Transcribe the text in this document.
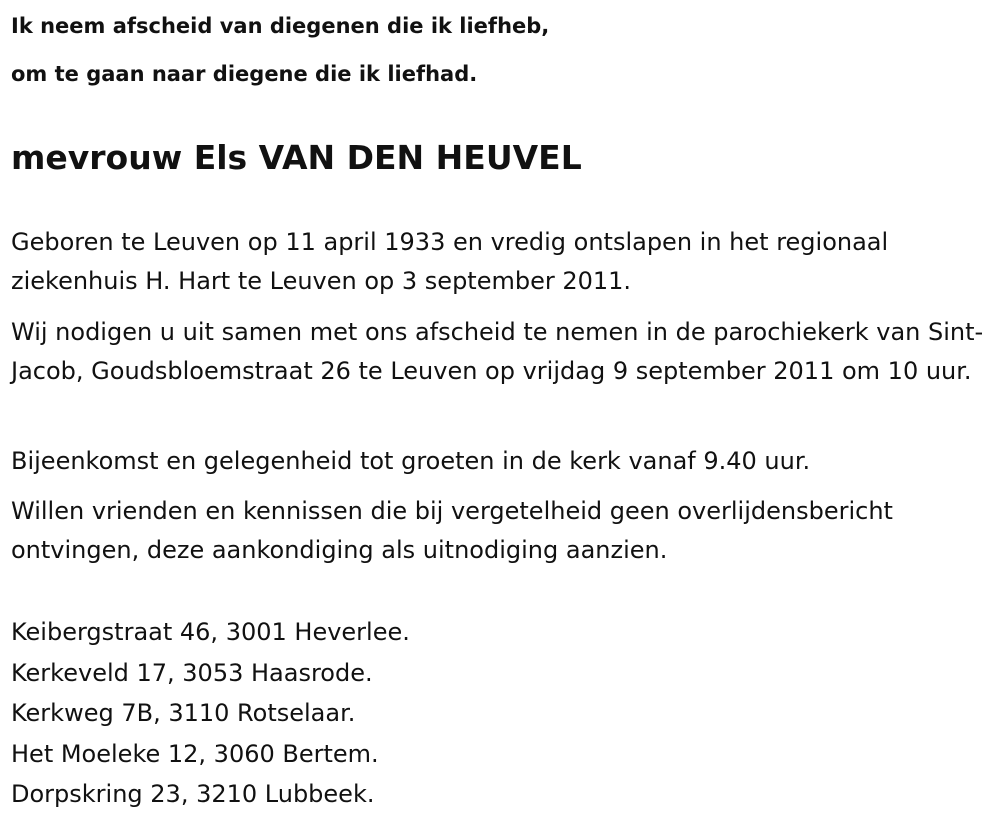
Ik neem afscheid van diegenen die ik liefheb,

om te gaan naar diegene die ik liefhad.

mevrouw Els VAN DEN HEUVEL

Geboren te Leuven op 11 april 1933 en vredig ontslapen in het regionaal ziekenhuis H. Hart te Leuven op 3 september 2011.

Wij nodigen u uit samen met ons afscheid te nemen in de parochiekerk van Sint-Jacob, Goudsbloemstraat 26 te Leuven op vrijdag 9 september 2011 om 10 uur.

Bijeenkomst en gelegenheid tot groeten in de kerk vanaf 9.40 uur.

Willen vrienden en kennissen die bij vergetelheid geen overlijdensbericht ontvingen, deze aankondiging als uitnodiging aanzien.

Keibergstraat 46, 3001 Heverlee.
Kerkeveld 17, 3053 Haasrode.
Kerkweg 7B, 3110 Rotselaar.
Het Moeleke 12, 3060 Bertem.
Dorpskring 23, 3210 Lubbeek.
